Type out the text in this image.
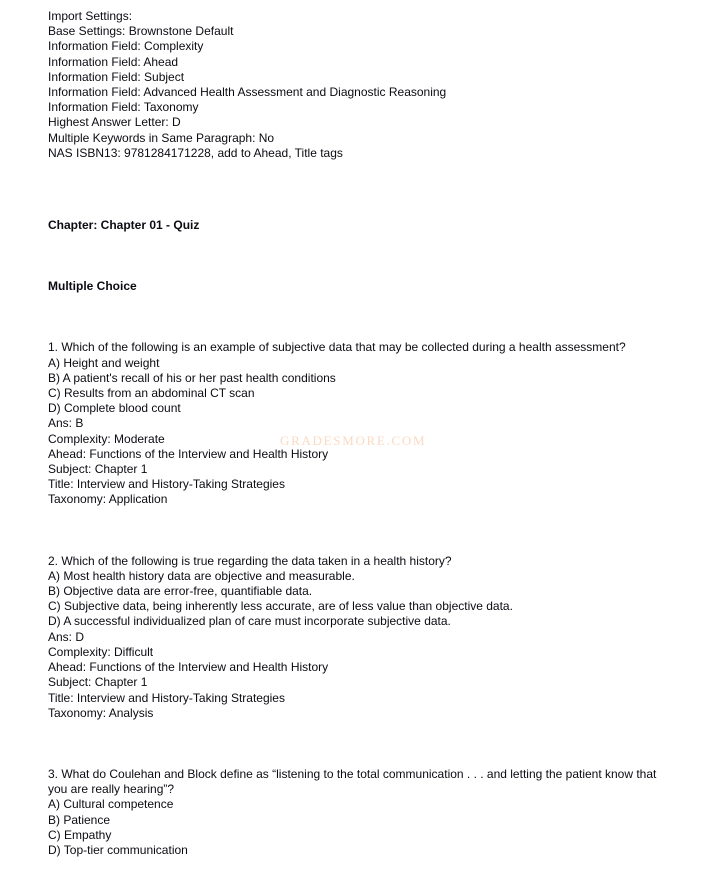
Import Settings:
Base Settings: Brownstone Default
Information Field: Complexity
Information Field: Ahead
Information Field: Subject
Information Field: Advanced Health Assessment and Diagnostic Reasoning
Information Field: Taxonomy
Highest Answer Letter: D
Multiple Keywords in Same Paragraph: No
NAS ISBN13: 9781284171228, add to Ahead, Title tags
Chapter: Chapter 01 - Quiz
Multiple Choice
1. Which of the following is an example of subjective data that may be collected during a health assessment?
A) Height and weight
B) A patient's recall of his or her past health conditions
C) Results from an abdominal CT scan
D) Complete blood count
Ans: B
Complexity: Moderate
Ahead: Functions of the Interview and Health History
Subject: Chapter 1
Title: Interview and History-Taking Strategies
Taxonomy: Application
2. Which of the following is true regarding the data taken in a health history?
A) Most health history data are objective and measurable.
B) Objective data are error-free, quantifiable data.
C) Subjective data, being inherently less accurate, are of less value than objective data.
D) A successful individualized plan of care must incorporate subjective data.
Ans: D
Complexity: Difficult
Ahead: Functions of the Interview and Health History
Subject: Chapter 1
Title: Interview and History-Taking Strategies
Taxonomy: Analysis
3. What do Coulehan and Block define as “listening to the total communication . . . and letting the patient know that you are really hearing”?
A) Cultural competence
B) Patience
C) Empathy
D) Top-tier communication
GRADESMORE.COM
